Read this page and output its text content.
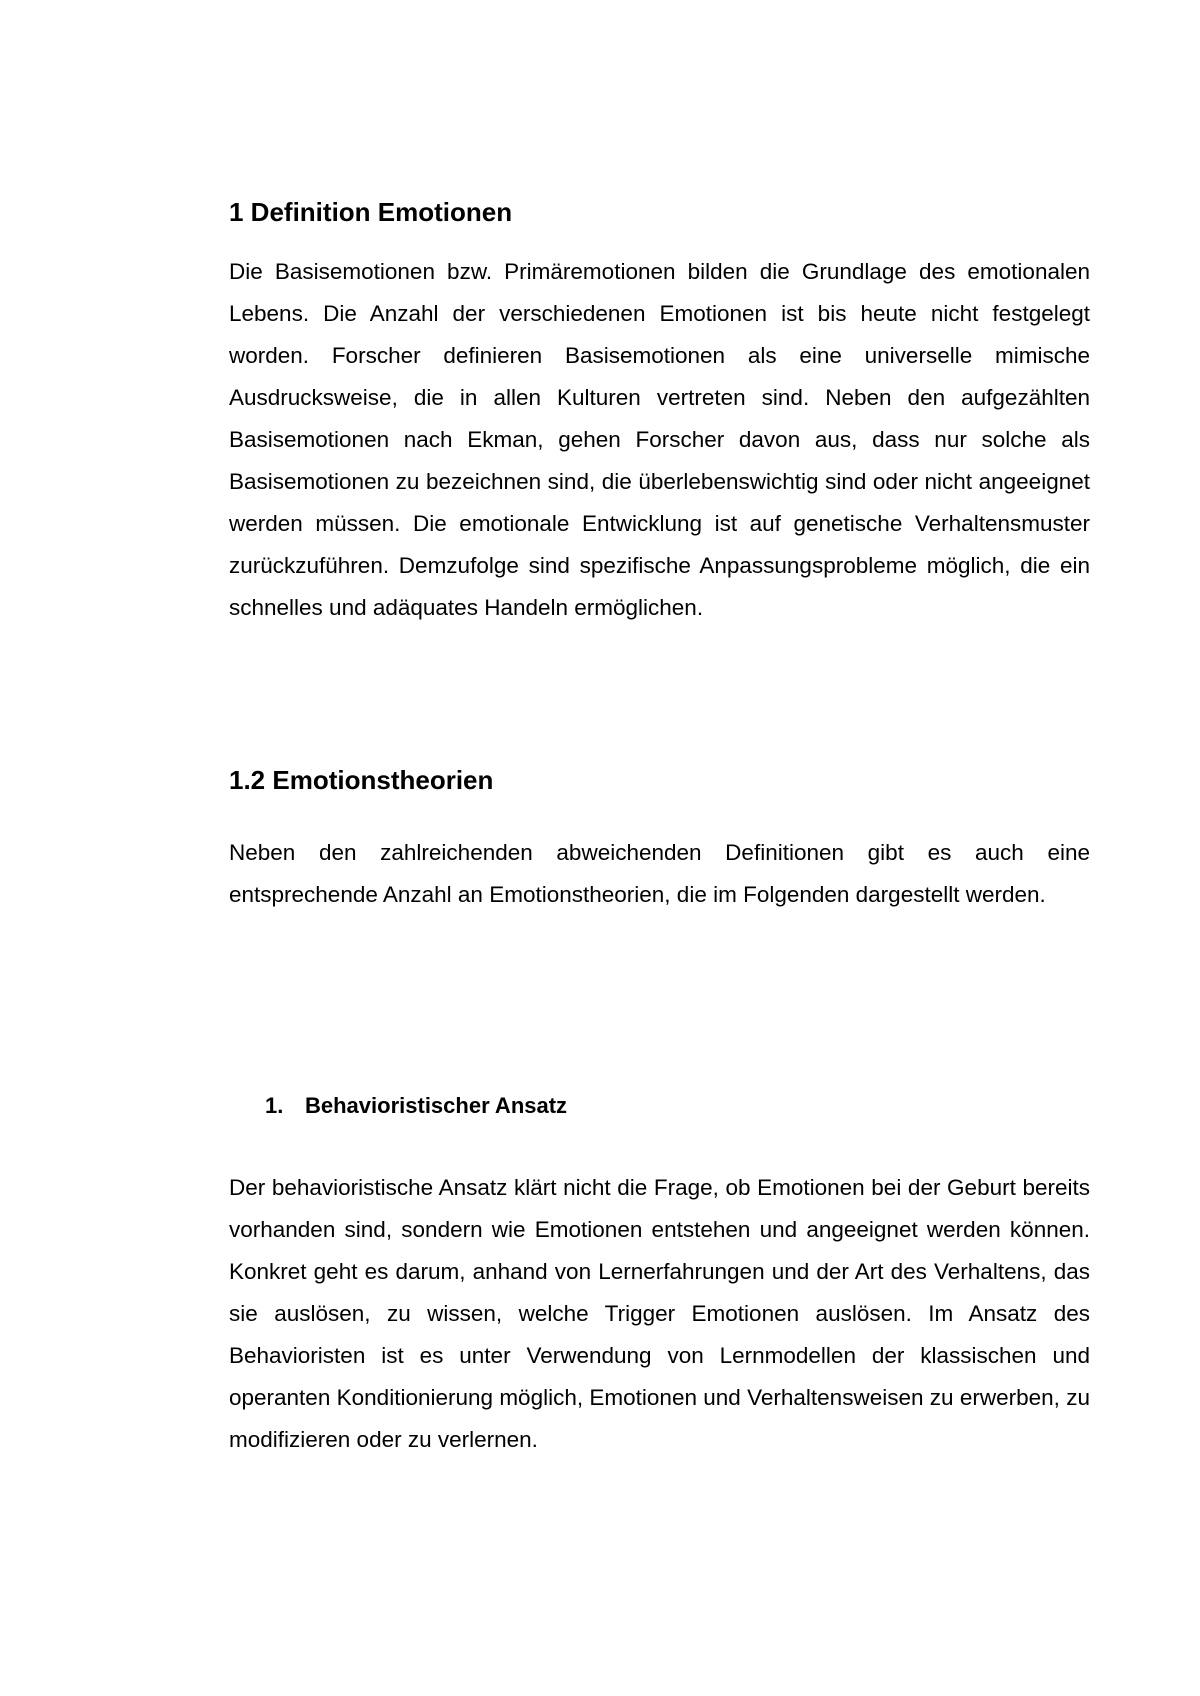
1 Definition Emotionen

Die Basisemotionen bzw. Primäremotionen bilden die Grundlage des emotionalen Lebens. Die Anzahl der verschiedenen Emotionen ist bis heute nicht festgelegt worden. Forscher definieren Basisemotionen als eine universelle mimische Ausdrucksweise, die in allen Kulturen vertreten sind. Neben den aufgezählten Basisemotionen nach Ekman, gehen Forscher davon aus, dass nur solche als Basisemotionen zu bezeichnen sind, die überlebenswichtig sind oder nicht angeeignet werden müssen. Die emotionale Entwicklung ist auf genetische Verhaltensmuster zurückzuführen. Demzufolge sind spezifische Anpassungsprobleme möglich, die ein schnelles und adäquates Handeln ermöglichen.

1.2 Emotionstheorien

Neben den zahlreichenden abweichenden Definitionen gibt es auch eine entsprechende Anzahl an Emotionstheorien, die im Folgenden dargestellt werden.

1. Behavioristischer Ansatz

Der behavioristische Ansatz klärt nicht die Frage, ob Emotionen bei der Geburt bereits vorhanden sind, sondern wie Emotionen entstehen und angeeignet werden können. Konkret geht es darum, anhand von Lernerfahrungen und der Art des Verhaltens, das sie auslösen, zu wissen, welche Trigger Emotionen auslösen. Im Ansatz des Behavioristen ist es unter Verwendung von Lernmodellen der klassischen und operanten Konditionierung möglich, Emotionen und Verhaltensweisen zu erwerben, zu modifizieren oder zu verlernen.
